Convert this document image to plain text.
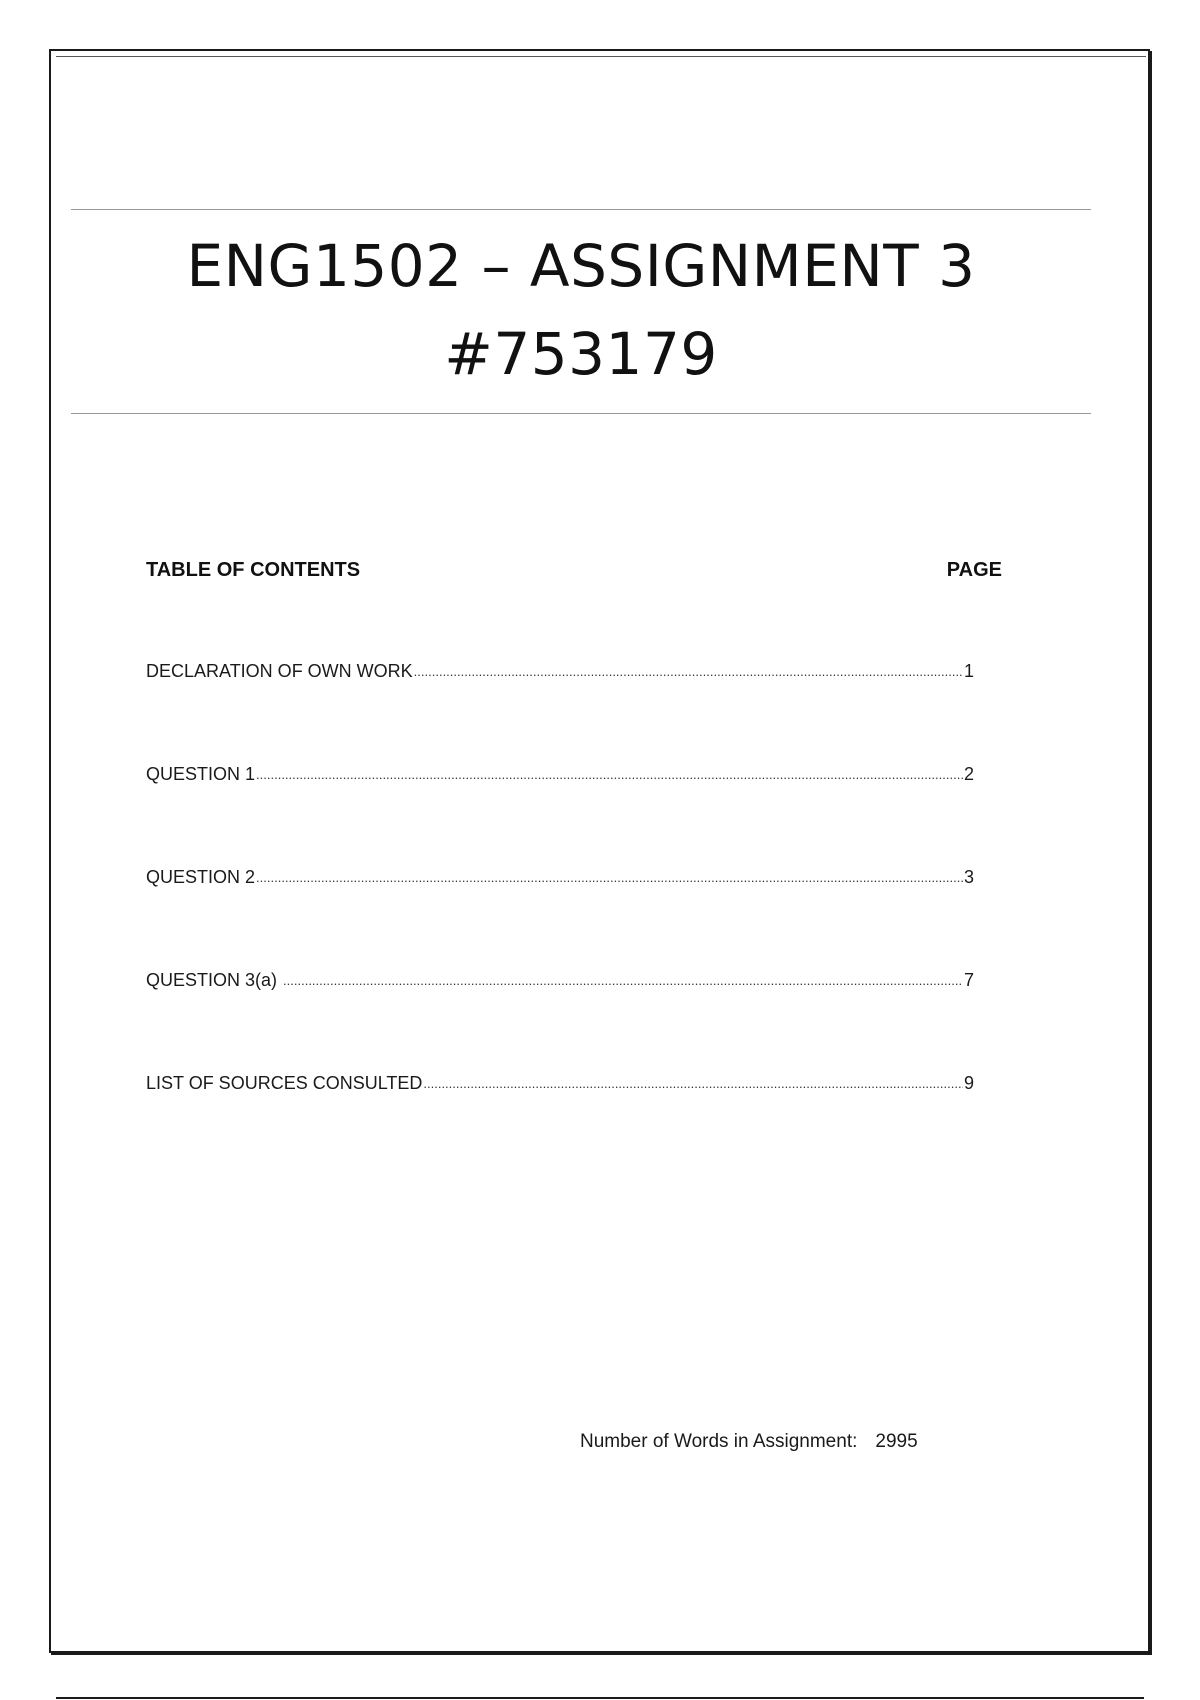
ENG1502 – ASSIGNMENT 3
#753179
TABLE OF CONTENTS	PAGE
DECLARATION OF OWN WORK .....	1
QUESTION 1 .....	2
QUESTION 2 .....	3
QUESTION 3(a) .....	7
LIST OF SOURCES CONSULTED .....	9
Number of Words in Assignment: 2995
